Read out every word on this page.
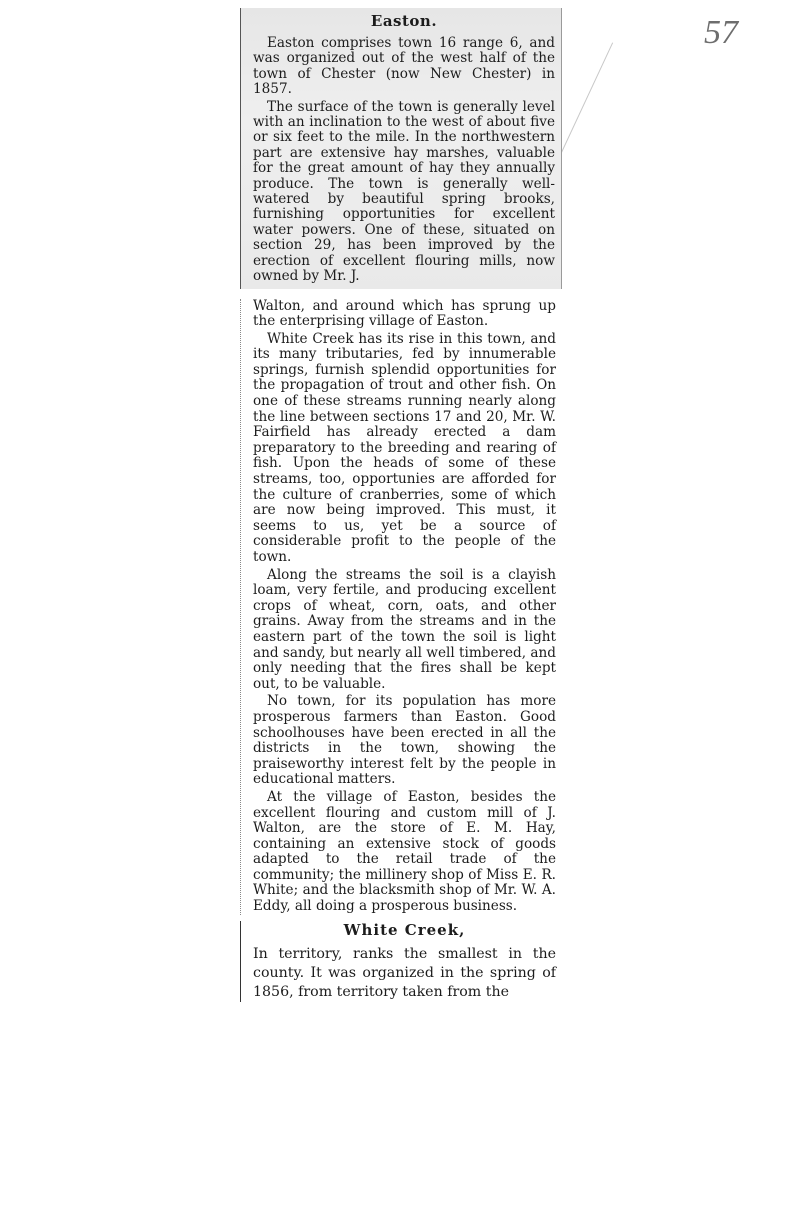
57
Easton.

Easton comprises town 16 range 6, and was organized out of the west half of the town of Chester (now New Chester) in 1857.

The surface of the town is generally level with an inclination to the west of about five or six feet to the mile. In the northwestern part are extensive hay marshes, valuable for the great amount of hay they annually produce. The town is generally well-watered by beautiful spring brooks, furnishing opportunities for excellent water powers. One of these, situated on section 29, has been improved by the erection of excellent flouring mills, now owned by Mr. J.

Walton, and around which has sprung up the enterprising village of Easton.

White Creek has its rise in this town, and its many tributaries, fed by innumerable springs, furnish splendid opportunities for the propagation of trout and other fish. On one of these streams running nearly along the line between sections 17 and 20, Mr. W. Fairfield has already erected a dam preparatory to the breeding and rearing of fish. Upon the heads of some of these streams, too, opportunies are afforded for the culture of cranberries, some of which are now being improved. This must, it seems to us, yet be a source of considerable profit to the people of the town.

Along the streams the soil is a clayish loam, very fertile, and producing excellent crops of wheat, corn, oats, and other grains. Away from the streams and in the eastern part of the town the soil is light and sandy, but nearly all well timbered, and only needing that the fires shall be kept out, to be valuable.

No town, for its population has more prosperous farmers than Easton. Good schoolhouses have been erected in all the districts in the town, showing the praiseworthy interest felt by the people in educational matters.

At the village of Easton, besides the excellent flouring and custom mill of J. Walton, are the store of E. M. Hay, containing an extensive stock of goods adapted to the retail trade of the community; the millinery shop of Miss E. R. White; and the blacksmith shop of Mr. W. A. Eddy, all doing a prosperous business.

White Creek,

In territory, ranks the smallest in the county. It was organized in the spring of 1856, from territory taken from the
